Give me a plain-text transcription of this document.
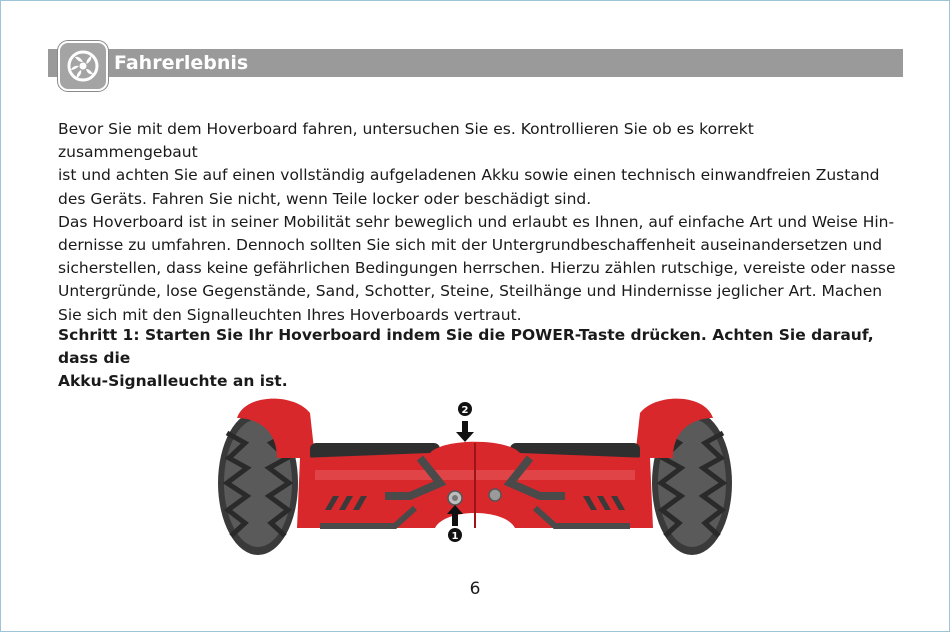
Fahrerlebnis

Bevor Sie mit dem Hoverboard fahren, untersuchen Sie es. Kontrollieren Sie ob es korrekt zusammengebaut

ist und achten Sie auf einen vollständig aufgeladenen Akku sowie einen technisch einwandfreien Zustand

des Geräts. Fahren Sie nicht, wenn Teile locker oder beschädigt sind.

Das Hoverboard ist in seiner Mobilität sehr beweglich und erlaubt es Ihnen, auf einfache Art und Weise Hin-

dernisse zu umfahren. Dennoch sollten Sie sich mit der Untergrundbeschaffenheit auseinandersetzen und

sicherstellen, dass keine gefährlichen Bedingungen herrschen. Hierzu zählen rutschige, vereiste oder nasse

Untergründe, lose Gegenstände, Sand, Schotter, Steine, Steilhänge und Hindernisse jeglicher Art. Machen

Sie sich mit den Signalleuchten Ihres Hoverboards vertraut.

Schritt 1: Starten Sie Ihr Hoverboard indem Sie die POWER-Taste drücken. Achten Sie darauf, dass die

Akku-Signalleuchte an ist.

2
1
6
